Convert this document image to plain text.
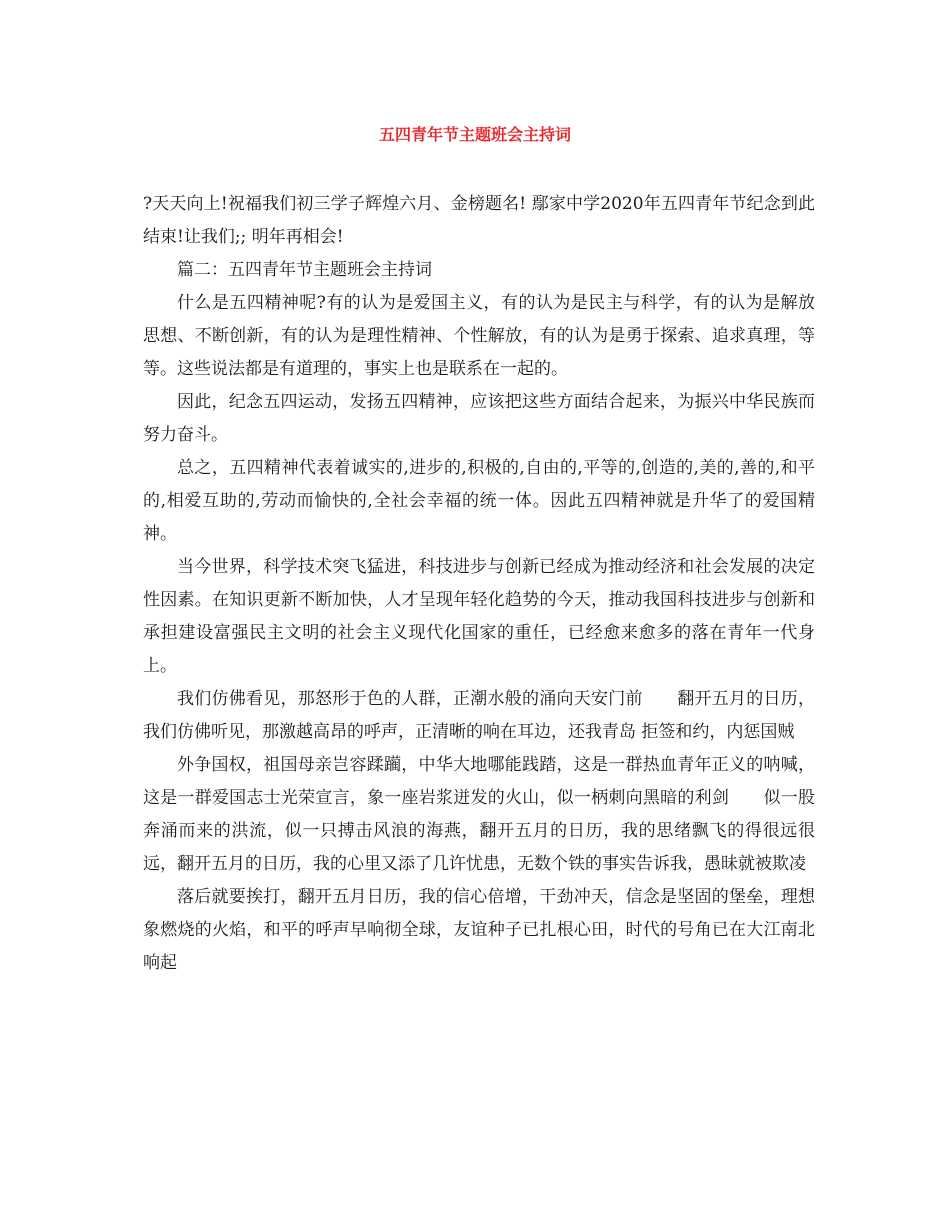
五四青年节主题班会主持词

?天天向上!祝福我们初三学子辉煌六月、金榜题名! 鄢家中学2020年五四青年节纪念到此结束!让我们;; 明年再相会!

篇二：五四青年节主题班会主持词

什么是五四精神呢?有的认为是爱国主义，有的认为是民主与科学，有的认为是解放思想、不断创新，有的认为是理性精神、个性解放，有的认为是勇于探索、追求真理，等等。这些说法都是有道理的，事实上也是联系在一起的。

因此，纪念五四运动，发扬五四精神，应该把这些方面结合起来，为振兴中华民族而努力奋斗。

总之，五四精神代表着诚实的,进步的,积极的,自由的,平等的,创造的,美的,善的,和平的,相爱互助的,劳动而愉快的,全社会幸福的统一体。因此五四精神就是升华了的爱国精神。

当今世界，科学技术突飞猛进，科技进步与创新已经成为推动经济和社会发展的决定性因素。在知识更新不断加快，人才呈现年轻化趋势的今天，推动我国科技进步与创新和承担建设富强民主文明的社会主义现代化国家的重任，已经愈来愈多的落在青年一代身上。

我们仿佛看见，那怒形于色的人群，正潮水般的涌向天安门前　　翻开五月的日历，我们仿佛听见，那激越高昂的呼声，正清晰的响在耳边，还我青岛 拒签和约，内惩国贼

外争国权，祖国母亲岂容蹂躏，中华大地哪能践踏，这是一群热血青年正义的呐喊，这是一群爱国志士光荣宣言，象一座岩浆迸发的火山，似一柄刺向黑暗的利剑　　似一股奔涌而来的洪流，似一只搏击风浪的海燕，翻开五月的日历，我的思绪飘飞的得很远很远，翻开五月的日历，我的心里又添了几许忧患，无数个铁的事实告诉我，愚昧就被欺凌

落后就要挨打，翻开五月日历，我的信心倍增，干劲冲天，信念是坚固的堡垒，理想象燃烧的火焰，和平的呼声早响彻全球，友谊种子已扎根心田，时代的号角已在大江南北响起
